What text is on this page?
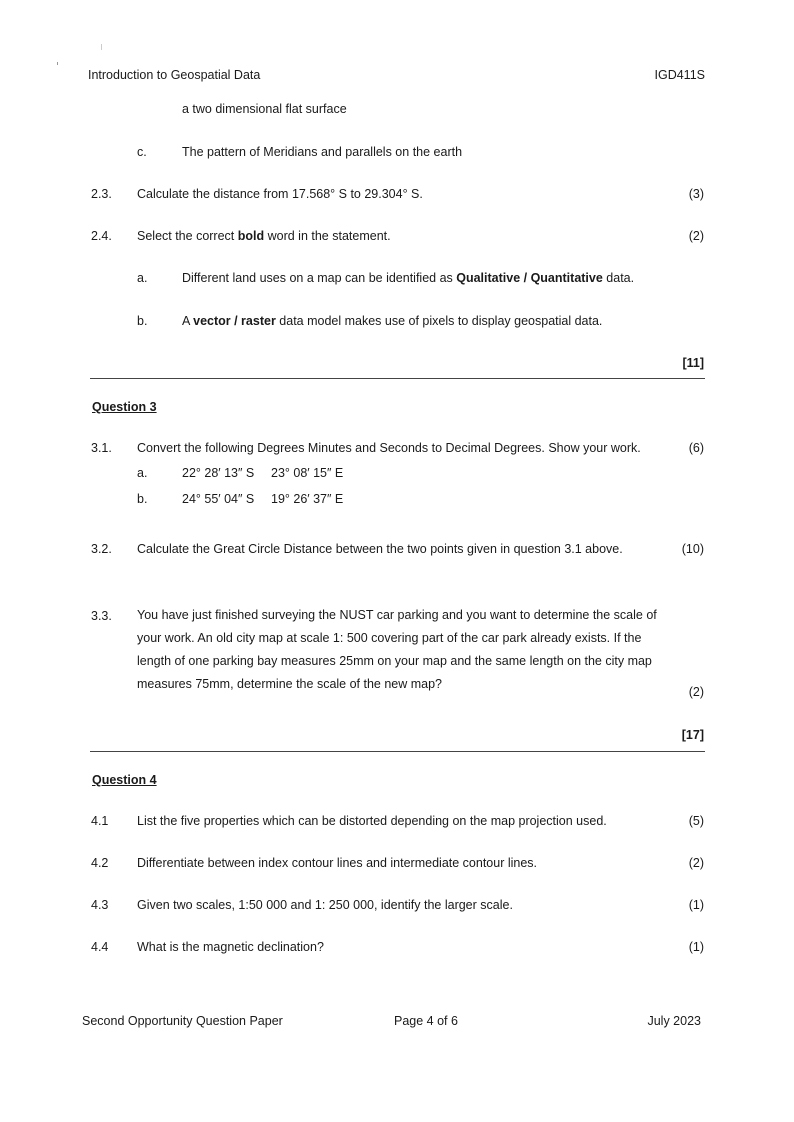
Introduction to Geospatial Data	IGD411S
a two dimensional flat surface
c.	The pattern of Meridians and parallels on the earth
2.3. Calculate the distance from 17.568° S to 29.304° S.	(3)
2.4. Select the correct bold word in the statement.	(2)
a.	Different land uses on a map can be identified as Qualitative / Quantitative data.
b.	A vector / raster data model makes use of pixels to display geospatial data.
[11]
Question 3
3.1. Convert the following Degrees Minutes and Seconds to Decimal Degrees. Show your work.	(6)
a.	22° 28′ 13″ S 23° 08′ 15″ E
b.	24° 55′ 04″ S 19° 26′ 37″ E
3.2. Calculate the Great Circle Distance between the two points given in question 3.1 above.	(10)
3.3. You have just finished surveying the NUST car parking and you want to determine the scale of your work. An old city map at scale 1: 500 covering part of the car park already exists. If the length of one parking bay measures 25mm on your map and the same length on the city map measures 75mm, determine the scale of the new map?
(2)
[17]
Question 4
4.1 List the five properties which can be distorted depending on the map projection used.	(5)
4.2 Differentiate between index contour lines and intermediate contour lines.	(2)
4.3 Given two scales, 1:50 000 and 1: 250 000, identify the larger scale.	(1)
4.4 What is the magnetic declination?	(1)
Second Opportunity Question Paper	Page 4 of 6	July 2023
